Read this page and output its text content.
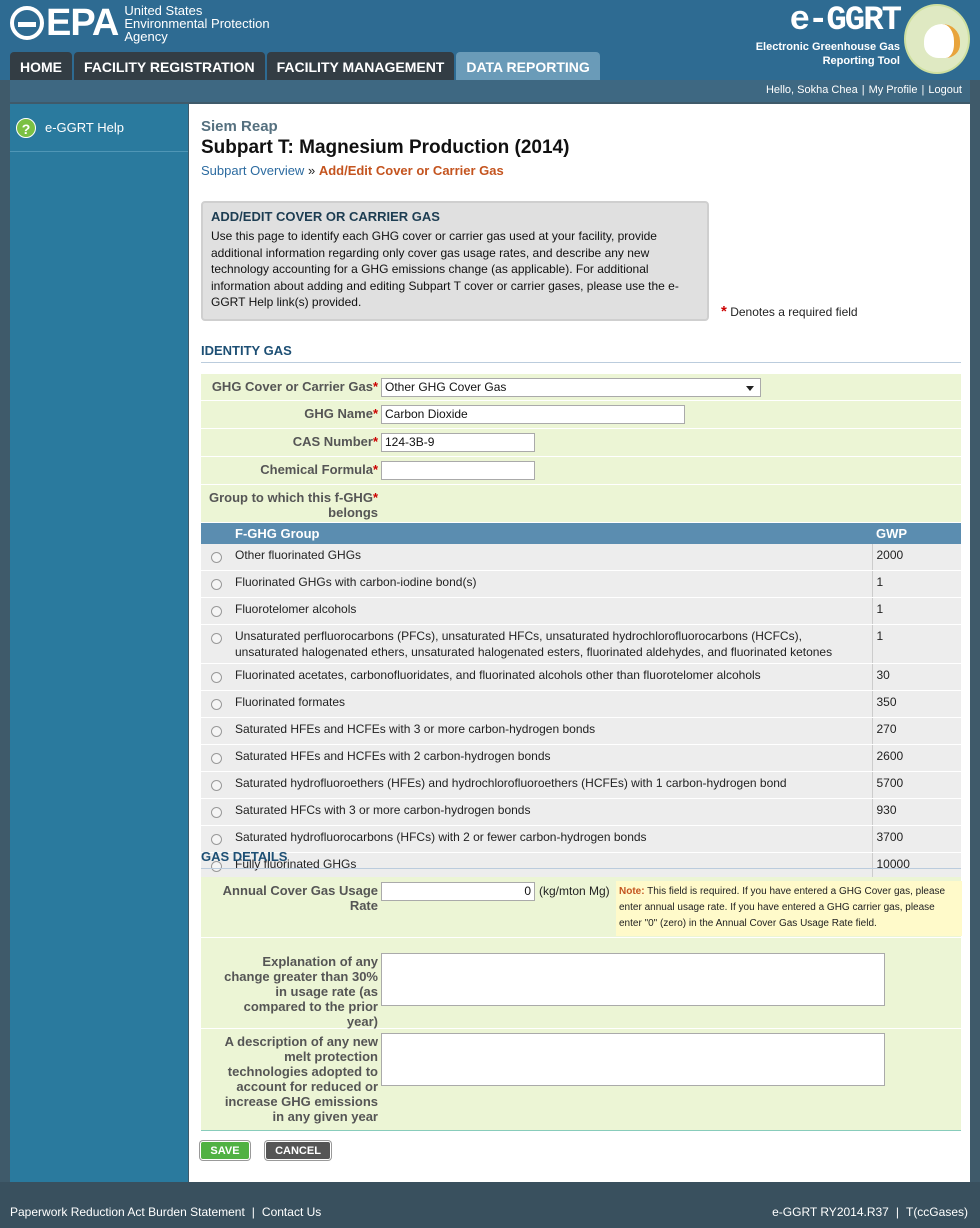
EPA United States
Environmental Protection
Agency	e-GGRT
Electronic Greenhouse Gas
Reporting Tool
HOME	FACILITY REGISTRATION	FACILITY MANAGEMENT	DATA REPORTING
Hello, Sokha Chea | My Profile | Logout
?	e-GGRT Help	Siem Reap
Subpart T: Magnesium Production (2014)
Subpart Overview » Add/Edit Cover or Carrier Gas
ADD/EDIT COVER OR CARRIER GAS
Use this page to identify each GHG cover or carrier gas used at your facility, provide additional information regarding only cover gas usage rates, and describe any new technology accounting for a GHG emissions change (as applicable). For additional information about adding and editing Subpart T cover or carrier gases, please use the e-GGRT Help link(s) provided.
* Denotes a required field
IDENTITY GAS
GHG Cover or Carrier Gas* Other GHG Cover Gas
GHG Name* Carbon Dioxide
CAS Number* 124-3B-9
Chemical Formula*
Group to which this f-GHG*
belongs
	F-GHG Group	GWP
	Other fluorinated GHGs	2000
	Fluorinated GHGs with carbon-iodine bond(s)	1
	Fluorotelomer alcohols	1
	Unsaturated perfluorocarbons (PFCs), unsaturated HFCs, unsaturated hydrochlorofluorocarbons (HCFCs), unsaturated halogenated ethers, unsaturated halogenated esters, fluorinated aldehydes, and fluorinated ketones	1
	Fluorinated acetates, carbonofluoridates, and fluorinated alcohols other than fluorotelomer alcohols	30
	Fluorinated formates	350
	Saturated HFEs and HCFEs with 3 or more carbon-hydrogen bonds	270
	Saturated HFEs and HCFEs with 2 carbon-hydrogen bonds	2600
	Saturated hydrofluoroethers (HFEs) and hydrochlorofluoroethers (HCFEs) with 1 carbon-hydrogen bond	5700
	Saturated HFCs with 3 or more carbon-hydrogen bonds	930
	Saturated hydrofluorocarbons (HFCs) with 2 or fewer carbon-hydrogen bonds	3700
	Fully fluorinated GHGs	10000
GAS DETAILS
Annual Cover Gas Usage
Rate
0 (kg/mton Mg) Note: This field is required. If you have entered a GHG Cover gas, please enter annual usage rate. If you have entered a GHG carrier gas, please enter "0" (zero) in the Annual Cover Gas Usage Rate field.
Explanation of any
change greater than 30%
in usage rate (as
compared to the prior
year)
A description of any new
melt protection
technologies adopted to
account for reduced or
increase GHG emissions
in any given year
SAVE	CANCEL
Paperwork Reduction Act Burden Statement | Contact Us	e-GGRT RY2014.R37 | T(ccGases)
